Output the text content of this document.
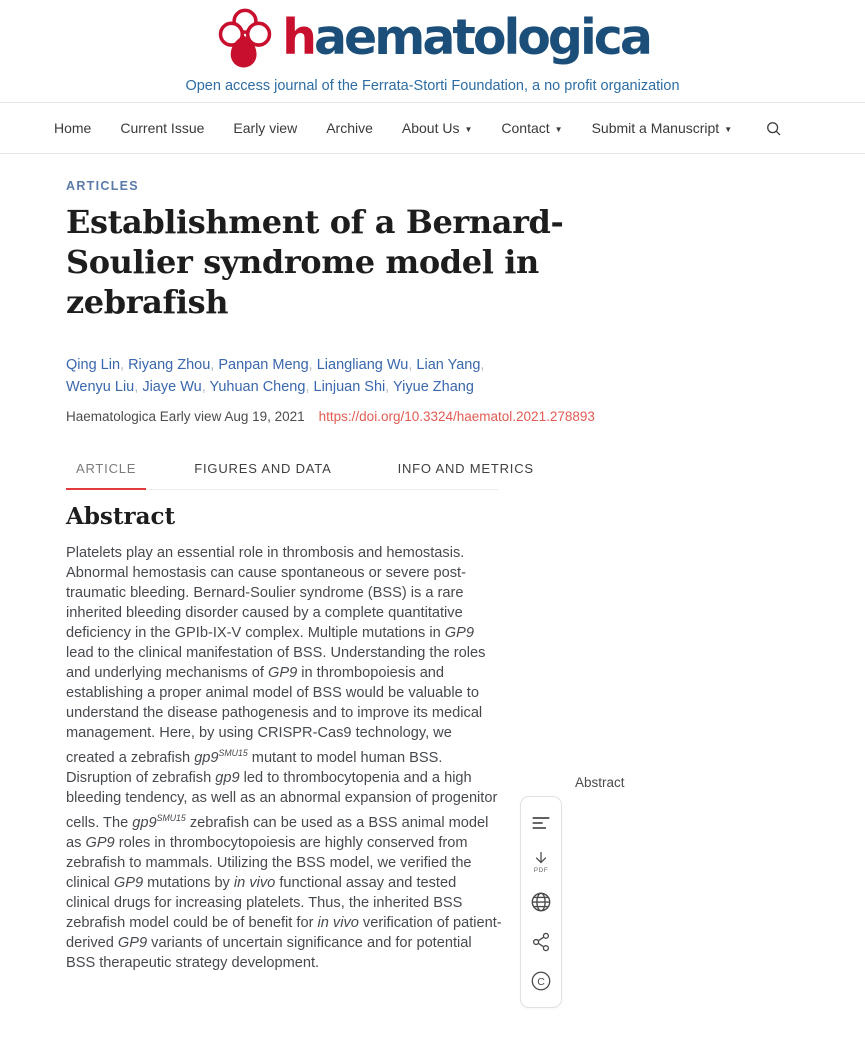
haematologica
Open access journal of the Ferrata-Storti Foundation, a no profit organization
Home Current Issue Early view Archive About Us ▼ Contact ▼ Submit a Manuscript ▼
ARTICLES
Establishment of a Bernard-Soulier syndrome model in zebrafish
Qing Lin, Riyang Zhou, Panpan Meng, Liangliang Wu, Lian Yang, Wenyu Liu, Jiaye Wu, Yuhuan Cheng, Linjuan Shi, Yiyue Zhang
Haematologica Early view Aug 19, 2021 https://doi.org/10.3324/haematol.2021.278893
ARTICLE	FIGURES AND DATA	INFO AND METRICS
Abstract

Platelets play an essential role in thrombosis and hemostasis. Abnormal hemostasis can cause spontaneous or severe post-traumatic bleeding. Bernard-Soulier syndrome (BSS) is a rare inherited bleeding disorder caused by a complete quantitative deficiency in the GPIb-IX-V complex. Multiple mutations in GP9 lead to the clinical manifestation of BSS. Understanding the roles and underlying mechanisms of GP9 in thrombopoiesis and establishing a proper animal model of BSS would be valuable to understand the disease pathogenesis and to improve its medical management. Here, by using CRISPR-Cas9 technology, we created a zebrafish $gp9^{SMU15}$ mutant to model human BSS. Disruption of zebrafish gp9 led to thrombocytopenia and a high bleeding tendency, as well as an abnormal expansion of progenitor cells. The $gp9^{SMU15}$ zebrafish can be used as a BSS animal model as GP9 roles in thrombocytopoiesis are highly conserved from zebrafish to mammals. Utilizing the BSS model, we verified the clinical GP9 mutations by in vivo functional assay and tested clinical drugs for increasing platelets. Thus, the inherited BSS zebrafish model could be of benefit for in vivo verification of patient-derived GP9 variants of uncertain significance and for potential BSS therapeutic strategy development.

Abstract
PDF
C
